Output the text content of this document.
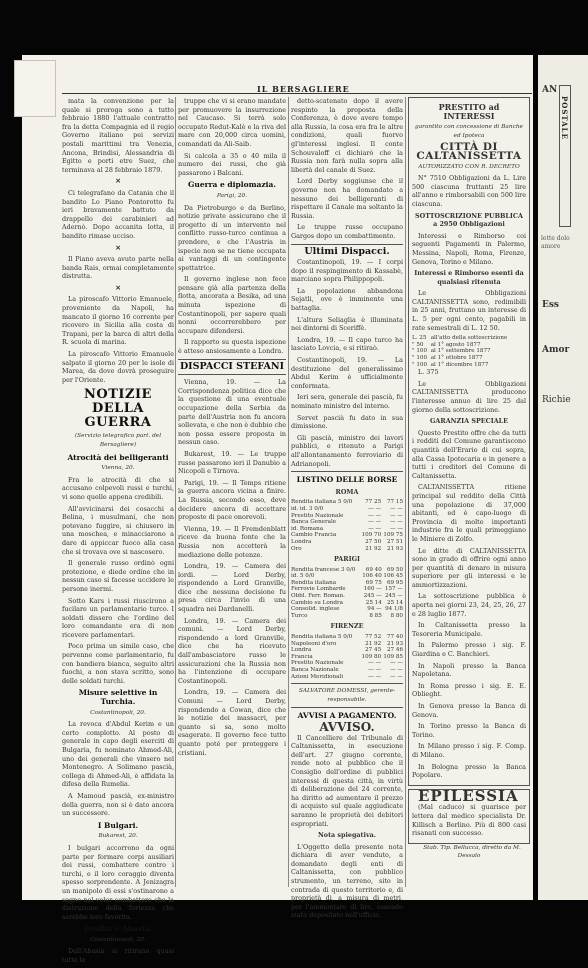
AN
POSTALE
lette dolo amore
Ess
Amor
Richie
IL BERSAGLIERE

mata la convenzione per la quale si proroga sono a tutto febbraio 1880 l'attuale contratto fra la detta Compagnia ed il regio Governo italiano pei servizi postali marittimi tra Venezia, Ancona, Brindisi, Alessandria di Egitto e porti etre Suez, che terminava al 28 febbraio 1879.

✕

Ci telegrafano da Catania che il bandito Lo Piano Pontorotto fu ieri bravamente battuto da drappello dei carabinieri ad Adernò. Dopo accanita lotta, il bandito rimase ucciso.

✕

Il Piano aveva avuto parte nella banda Rais, ormai completamente distrutta.

✕

La piroscafo Vittorio Emanuele, proveniente da Napoli, ha mancato il giorno 16 corrente per ricovero in Sicilia alla costa di Trapani, per la barca di altri della R. scuola di marina.

La piroscafo Vittorio Emanuele salpato il giorno 20 per le isole di Marea, da dove dovrà proseguire per l'Oriente.

NOTIZIE DELLA GUERRA

(Servizio telegrafico part. del Bersagliere)

Atrocità dei belligeranti

Vienna, 20.

Fra le atrocità di che si accusano colpevoli russi e turchi, vi sono quelle appena credibili.

All'avvicinarsi dei cosacchi a Belina, i musulmani, che non potevano fuggire, si chiusero in una moschea, e minacciarono a dare di appiccar fuoco alla casa che si trovava ove si nascosero.

Il generale russo ordinò ogni protezione, e diede ordine che in nessun caso si facesse uccidere le persone inermi.

Sotto Kars i russi riuscirono a fucilare un parlamentario turco. I soldati dissero che l'ordine del loro comandante era di non ricevere parlamentari.

Poco prima un simile caso, che pervenne come parlamentario, fu con bandiera bianca, seguito altri fuochi, a non stava scritto, sono delle soldati turchi.

Misure selettive in Turchia.

Costantinopoli, 20.

La revoca d'Abdul Kerim e un certo complotto. Al posto di generale in capo degli eserciti di Bulgaria, fu nominato Ahmed-Ali, uno dei generali che vinsero nel Montenegro. A Solimano pascià, collega di Ahmed-Ali, è affidata la difesa della Rumelia.

A Mamoud pascià, ex-ministro della guerra, non si è dato ancora un successore.

I Bulgari.

Bukarest, 20.

I bulgari accorrono da ogni parte per formare corpi ausiliari dei russi, combattere contro i turchi, e il loro coraggio diventa spesso sorprendente. A Jenizagra un manipolo di essi s'ostinarono a segno nel voler combattere che la distruzione della fortezza che sarebbe loro favorita.

Bosika e Abasia.

Costantinopoli, 20.

Dall'Abasia si ritirano quasi tutte le

truppe che vi si erano mandate per promuovere la insurrezione nel Caucaso. Si terrà solo occupato Redut-Kalè e la riva del mare con 20,000 circa uomini, comandati da Ali-Saib.

Si calcola a 35 o 40 mila il numero dei russi, che già passarono i Balcani.

Guerra e diplomazia.

Parigi, 20.

Da Pietroburgo e da Berlino, notizie private assicurano che il progetto di un intervento nel conflitto russo-turco continua a prendere, e che l'Austria in ispecie non se ne tiene occupata ai vantaggi di un contingente spettatrice.

Il governo inglese non fece pensare già alla partenza della flotta, ancorata a Besika, ad una minuta ispezione di Costantinopoli, per sapere quali nonni occorrerebbero per accupare difendersi.

Il rapporto su questa ispezione è atteso ansiosamente a Londra.

DISPACCI STEFANI

Vienna, 19. — La Corrispondenza politica dice che la questione di una eventuale occupazione della Serbia da parte dell'Austria non fu ancora sollevata, e che non è dubbio che non possa essere proposta in nessun caso.

Bukarest, 19. — Le truppe russe passarono ieri il Danubio a Nicopoli e Tirnova.

Parigi, 19. — Il Temps ritiene la guerra ancora vicina a finire. La Russia, secondo esso, deve decidere ancora di accettare proposte di pace onorevoli.

Vienna, 19. — Il Fremdenblatt riceve da buona fonte che la Russia non accetterà la mediazione delle potenze.

Londra, 19. — Camera dei lordi. — Lord Derby, rispondendo a Lord Granville, dice che nessuna decisione fu presa circa l'invio di una squadra nei Dardanelli.

Londra, 19. — Camera dei comuni. — Lord Derby, rispondendo a lord Granville, dice che ha ricevuto dall'ambasciatore russo le assicurazioni che la Russia non ha l'intenzione di occupare Costantinopoli.

Londra, 19. — Camera dei Comuni — Lord Derby, rispondendo a Cowan, dice che le notizie dei massacri, per quanto si sa, sono molto esagerate. Il governo fece tutto quanto poté per proteggere i cristiani.

detto-scatenato dopo il avere respinto la proposta della Conferenza, è dove avere tempo alla Russia, la cosa era fra le altre condizioni, quali fuorvo gl'interessi inglesi. Il conte Schouvaloff ci dichiarò che la Russia non farà nulla sopra alla libertà del canale di Suez.

Lord Derby soggiunse che il governo non ha domandato a nessuno dei belligeranti di rispettare il Canale ma soltanto la Russia.

Le truppe russe occupano Gargos dopo un combattimento.

Ultimi Dispacci.

Costantinopoli, 19. — I corpi dopo il respingimento di Kassabè, marciano sopra Philippopoli.

La popolazione abbandona Sejatli, ove è imminente una battaglia.

L'altura Seliaglia è illuminata nei dintorni di Sceriffè.

Londra, 19. — Il capo turco ha lasciato Lovcia, e si ritiraò.

Costantinopoli, 19. — La destituzione del generalissimo Abdul Kerim è ufficialmente confermata.

Ieri sera, generale dei pascià, fu nominato ministro del interno.

Servet pascià fu dato in sua dimissione.

Gli pascià, ministro dei lavori pubblici, e ritenuto a Parigi all'allontanamento ferroviario di Adrianopoli.

LISTINO DELLE BORSE

ROMA

Rendita italiana 5 0/0	77 25	77 15
id. id. 3 0/0	— —	— —
Prestito Nazionale	— —	— —
Banca Generale	— —	— —
id. Romana	— —	— —
Cambio Francia	109 70	109 75
Londra	27 50	27 51
Oro	21 92	21 93

PARIGI

Rendita francese 3 0/0	69 40	69 50
id. 5 0/0	106 40	106 45
Rendita italiana	69 75	69 95
Ferrovie Lombarde	160 —	157 —
Obbl. Ferr. Roman.	245 —	245 —
Cambio su Londra	25 14	25 14
Consolid. inglese	94 —	94 1/8
Turco	8 85	8 80

FIRENZE

Rendita italiana 5 0/0	77 52	77 40
Napoleoni d'oro	21 92	21 93
Londra	27 45	27 46
Francia	109 80	109 85
Prestito Nazionale	— —	— —
Banca Nazionale	— —	— —
Azioni Meridionali	— —	— —

SALVATORE DOMESSI, gerente-responsabile.

AVVISI A PAGAMENTO.

AVVISO.

Il Cancelliere del Tribunale di Caltanissetta, in esecuzione dell'art. 27 giugno corrente, rende noto al pubblico che il Consiglio dell'ordine di pubblici interessi di questa città, in virtù di deliberazione del 24 corrente, ha diritto ad aumentare il prezzo di acquisto sul quale aggiudicate saranno le proprietà dei debitori espropriati.

Nota spiegativa.

L'Oggetto della presente nota dichiara di aver venduto, a domandato degli enti di Caltanissetta, con pubblico strumento, un terreno, sito in contrada di questo territorio e, di proprietà di, a misura di metri, per l'ammontare di lire, essendo stato depositato nell'ufficio.

PRESTITO ad INTERESSI

garantito con concessione di Banche ed Ipoteca

CITTÀ DI CALTANISSETTA

AUTORIZZATO CON R. DECRETO

N° 7510 Obbligazioni da L. Lire 500 ciascuna fruttanti 25 lire all'anno e rimborsabili con 500 lire ciascuna.

SOTTOSCRIZIONE PUBBLICA a 2950 Obbligazioni

Interessi e Rimborso coi seguenti Pagamenti in Palermo, Messina, Napoli, Roma, Firenze, Genova, Torino e Milano.

Interessi e Rimborso esenti da qualsiasi ritenuta

Le Obbligazioni CALTANISSETTA sono, redimibili in 25 anni, fruttano un interesse di L. 5 per ogni cento, pagabili in rate semestrali di L. 12 50.

L. 25	all'atto della sottoscrizione
" 50	al 1° agosto 1877
" 100	al 1° settembre 1877
" 100	al 1° ottobre 1877
" 100	al 1° dicembre 1877

L. 375

Le Obbligazioni CALTANISSETTA producono l'interesse annuo di lire 25 dal giorno della sottoscrizione.

GARANZIA SPECIALE

Questo Prestito offre che da tutti i redditi del Comune garantiscono quantità dell'Erario di cui sopra, alla Cassa Ipotecaria e in genere a tutti i creditori del Comune di Caltanissetta.

CALTANISSETTA ritiene principal sul reddito della Città una popolazione di 37,000 abitanti, ed è capo-luogo di Provincia di molte importanti industrie fra le quali primeggiano le Miniere di Zolfo.

Le ditte di CALTANISSETTA sono in grado di offrire ogni anno per quantità di denaro in misura superiore per gli interessi e le ammortizzazioni.

La sottoscrizione pubblica è aperta nei giorni 23, 24, 25, 26, 27 e 28 luglio 1877.

In Caltanissetta presso la Tesoreria Municipale.

In Palermo presso i sig. F. Giardina e C. Banchieri.

In Napoli presso la Banca Napoletana.

In Roma presso i sig. E. E. Oblieght.

In Genova presso la Banca di Genova.

In Torino presso la Banca di Torino.

In Milano presso i sig. F. Comp. di Milano.

In Bologna presso la Banca Popolare.

EPILESSIA

(Mal caduco) si guarisce per lettera dal medico specialista Dr. Killisch a Berlino. Più di 800 casi risanati con successo.

Stab. Tip. Bellucca, diretto da M. Dessalo
